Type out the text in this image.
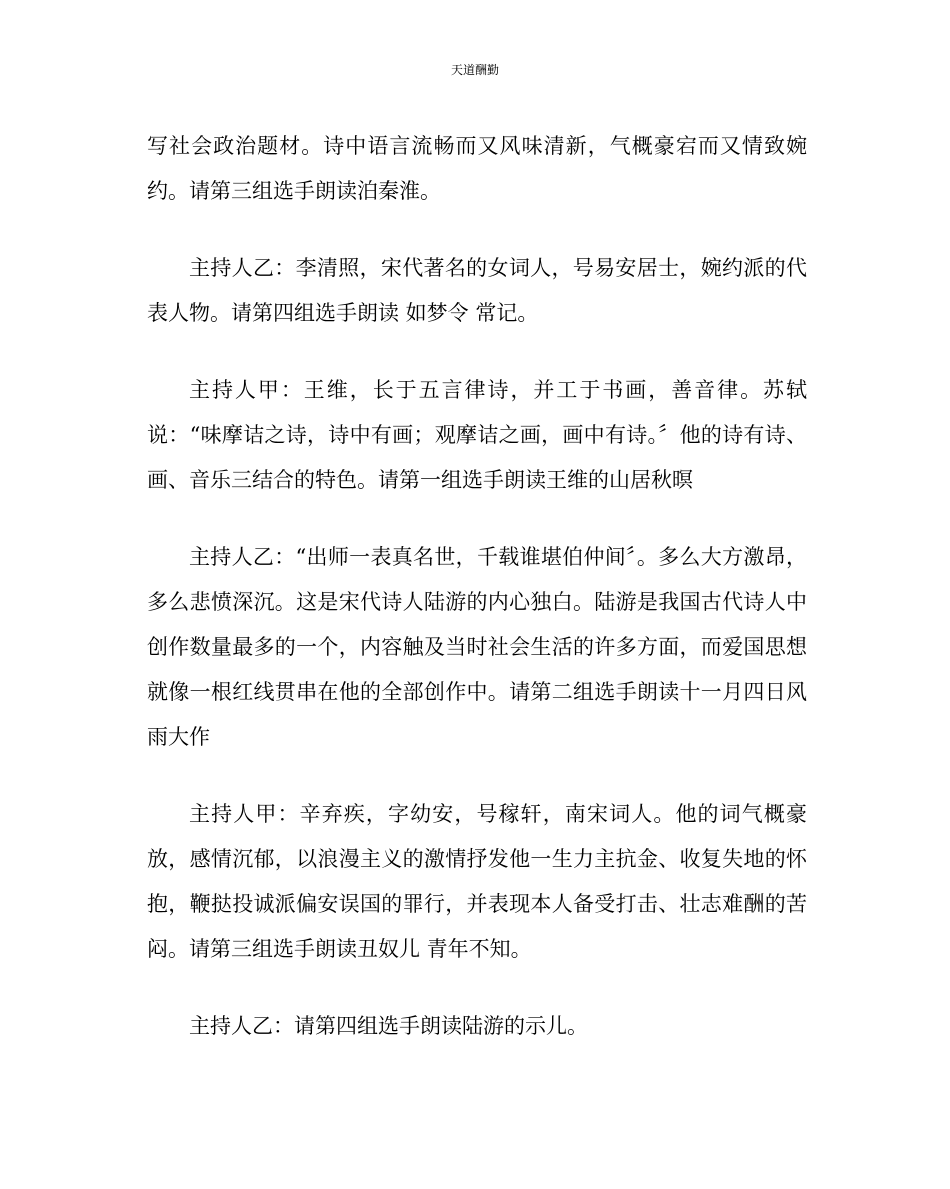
天道酬勤

写社会政治题材。诗中语言流畅而又风味清新，气概豪宕而又情致婉约。请第三组选手朗读泊秦淮。

主持人乙：李清照，宋代著名的女词人，号易安居士，婉约派的代表人物。请第四组选手朗读 如梦令 常记。

主持人甲：王维，长于五言律诗，并工于书画，善音律。苏轼说：“味摩诘之诗，诗中有画；观摩诘之画，画中有诗。〞他的诗有诗、画、音乐三结合的特色。请第一组选手朗读王维的山居秋暝

主持人乙：“出师一表真名世，千载谁堪伯仲间〞。多么大方激昂，多么悲愤深沉。这是宋代诗人陆游的内心独白。陆游是我国古代诗人中创作数量最多的一个，内容触及当时社会生活的许多方面，而爱国思想就像一根红线贯串在他的全部创作中。请第二组选手朗读十一月四日风雨大作

主持人甲：辛弃疾，字幼安，号稼轩，南宋词人。他的词气概豪放，感情沉郁，以浪漫主义的激情抒发他一生力主抗金、收复失地的怀抱，鞭挞投诚派偏安误国的罪行，并表现本人备受打击、壮志难酬的苦闷。请第三组选手朗读丑奴儿 青年不知。

主持人乙：请第四组选手朗读陆游的示儿。
